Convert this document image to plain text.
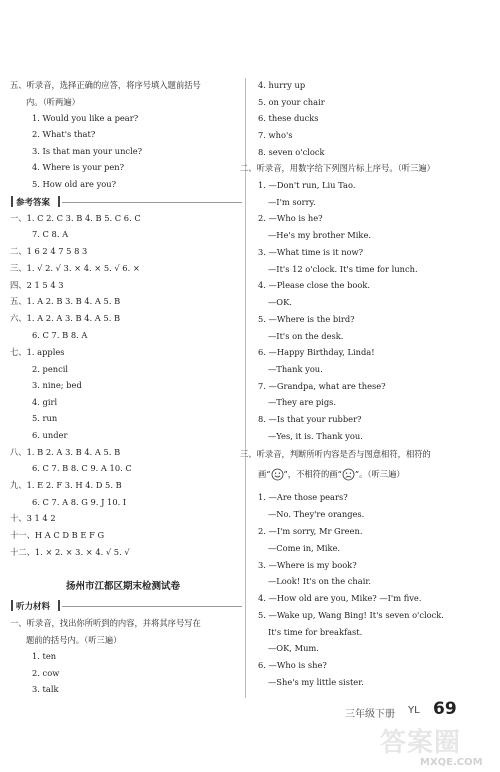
五、听录音，选择正确的应答，将序号填入题前括号
内。（听两遍）
1. Would you like a pear?
2. What's that?
3. Is that man your uncle?
4. Where is your pen?
5. How old are you?
参考答案
一、1. C 2. C 3. B 4. B 5. C 6. C
7. C 8. A
二、1 6 2 4 7 5 8 3
三、1. √ 2. √ 3. × 4. × 5. √ 6. ×
四、2 1 5 4 3
五、1. A 2. B 3. B 4. A 5. B
六、1. A 2. A 3. B 4. A 5. B
6. C 7. B 8. A
七、1. apples
2. pencil
3. nine; bed
4. girl
5. run
6. under
八、1. B 2. A 3. B 4. A 5. B
6. C 7. B 8. C 9. A 10. C
九、1. E 2. F 3. H 4. D 5. B
6. C 7. A 8. G 9. J 10. I
十、3 1 4 2
十一、H A C D B E F G
十二、1. × 2. × 3. × 4. √ 5. √
扬州市江都区期末检测试卷
听力材料
一、听录音，找出你所听到的内容，并将其序号写在
题前的括号内。（听三遍）
1. ten
2. cow
3. talk
4. hurry up
5. on your chair
6. these ducks
7. who's
8. seven o'clock
二、听录音，用数字给下列图片标上序号。（听三遍）
1. —Don't run, Liu Tao.
—I'm sorry.
2. —Who is he?
—He's my brother Mike.
3. —What time is it now?
—It's 12 o'clock. It's time for lunch.
4. —Please close the book.
—OK.
5. —Where is the bird?
—It's on the desk.
6. —Happy Birthday, Linda!
—Thank you.
7. —Grandpa, what are these?
—They are pigs.
8. —Is that your rubber?
—Yes, it is. Thank you.
三、听录音，判断所听内容是否与图意相符，相符的
画“ ”，不相符的画“ ”。（听三遍）
1. —Are those pears?
—No. They're oranges.
2. —I'm sorry, Mr Green.
—Come in, Mike.
3. —Where is my book?
—Look! It's on the chair.
4. —How old are you, Mike? —I'm five.
5. —Wake up, Wang Bing! It's seven o'clock.
It's time for breakfast.
—OK, Mum.
6. —Who is she?
—She's my little sister.
三年级下册 YL 69
答案圈
MXQE.COM
